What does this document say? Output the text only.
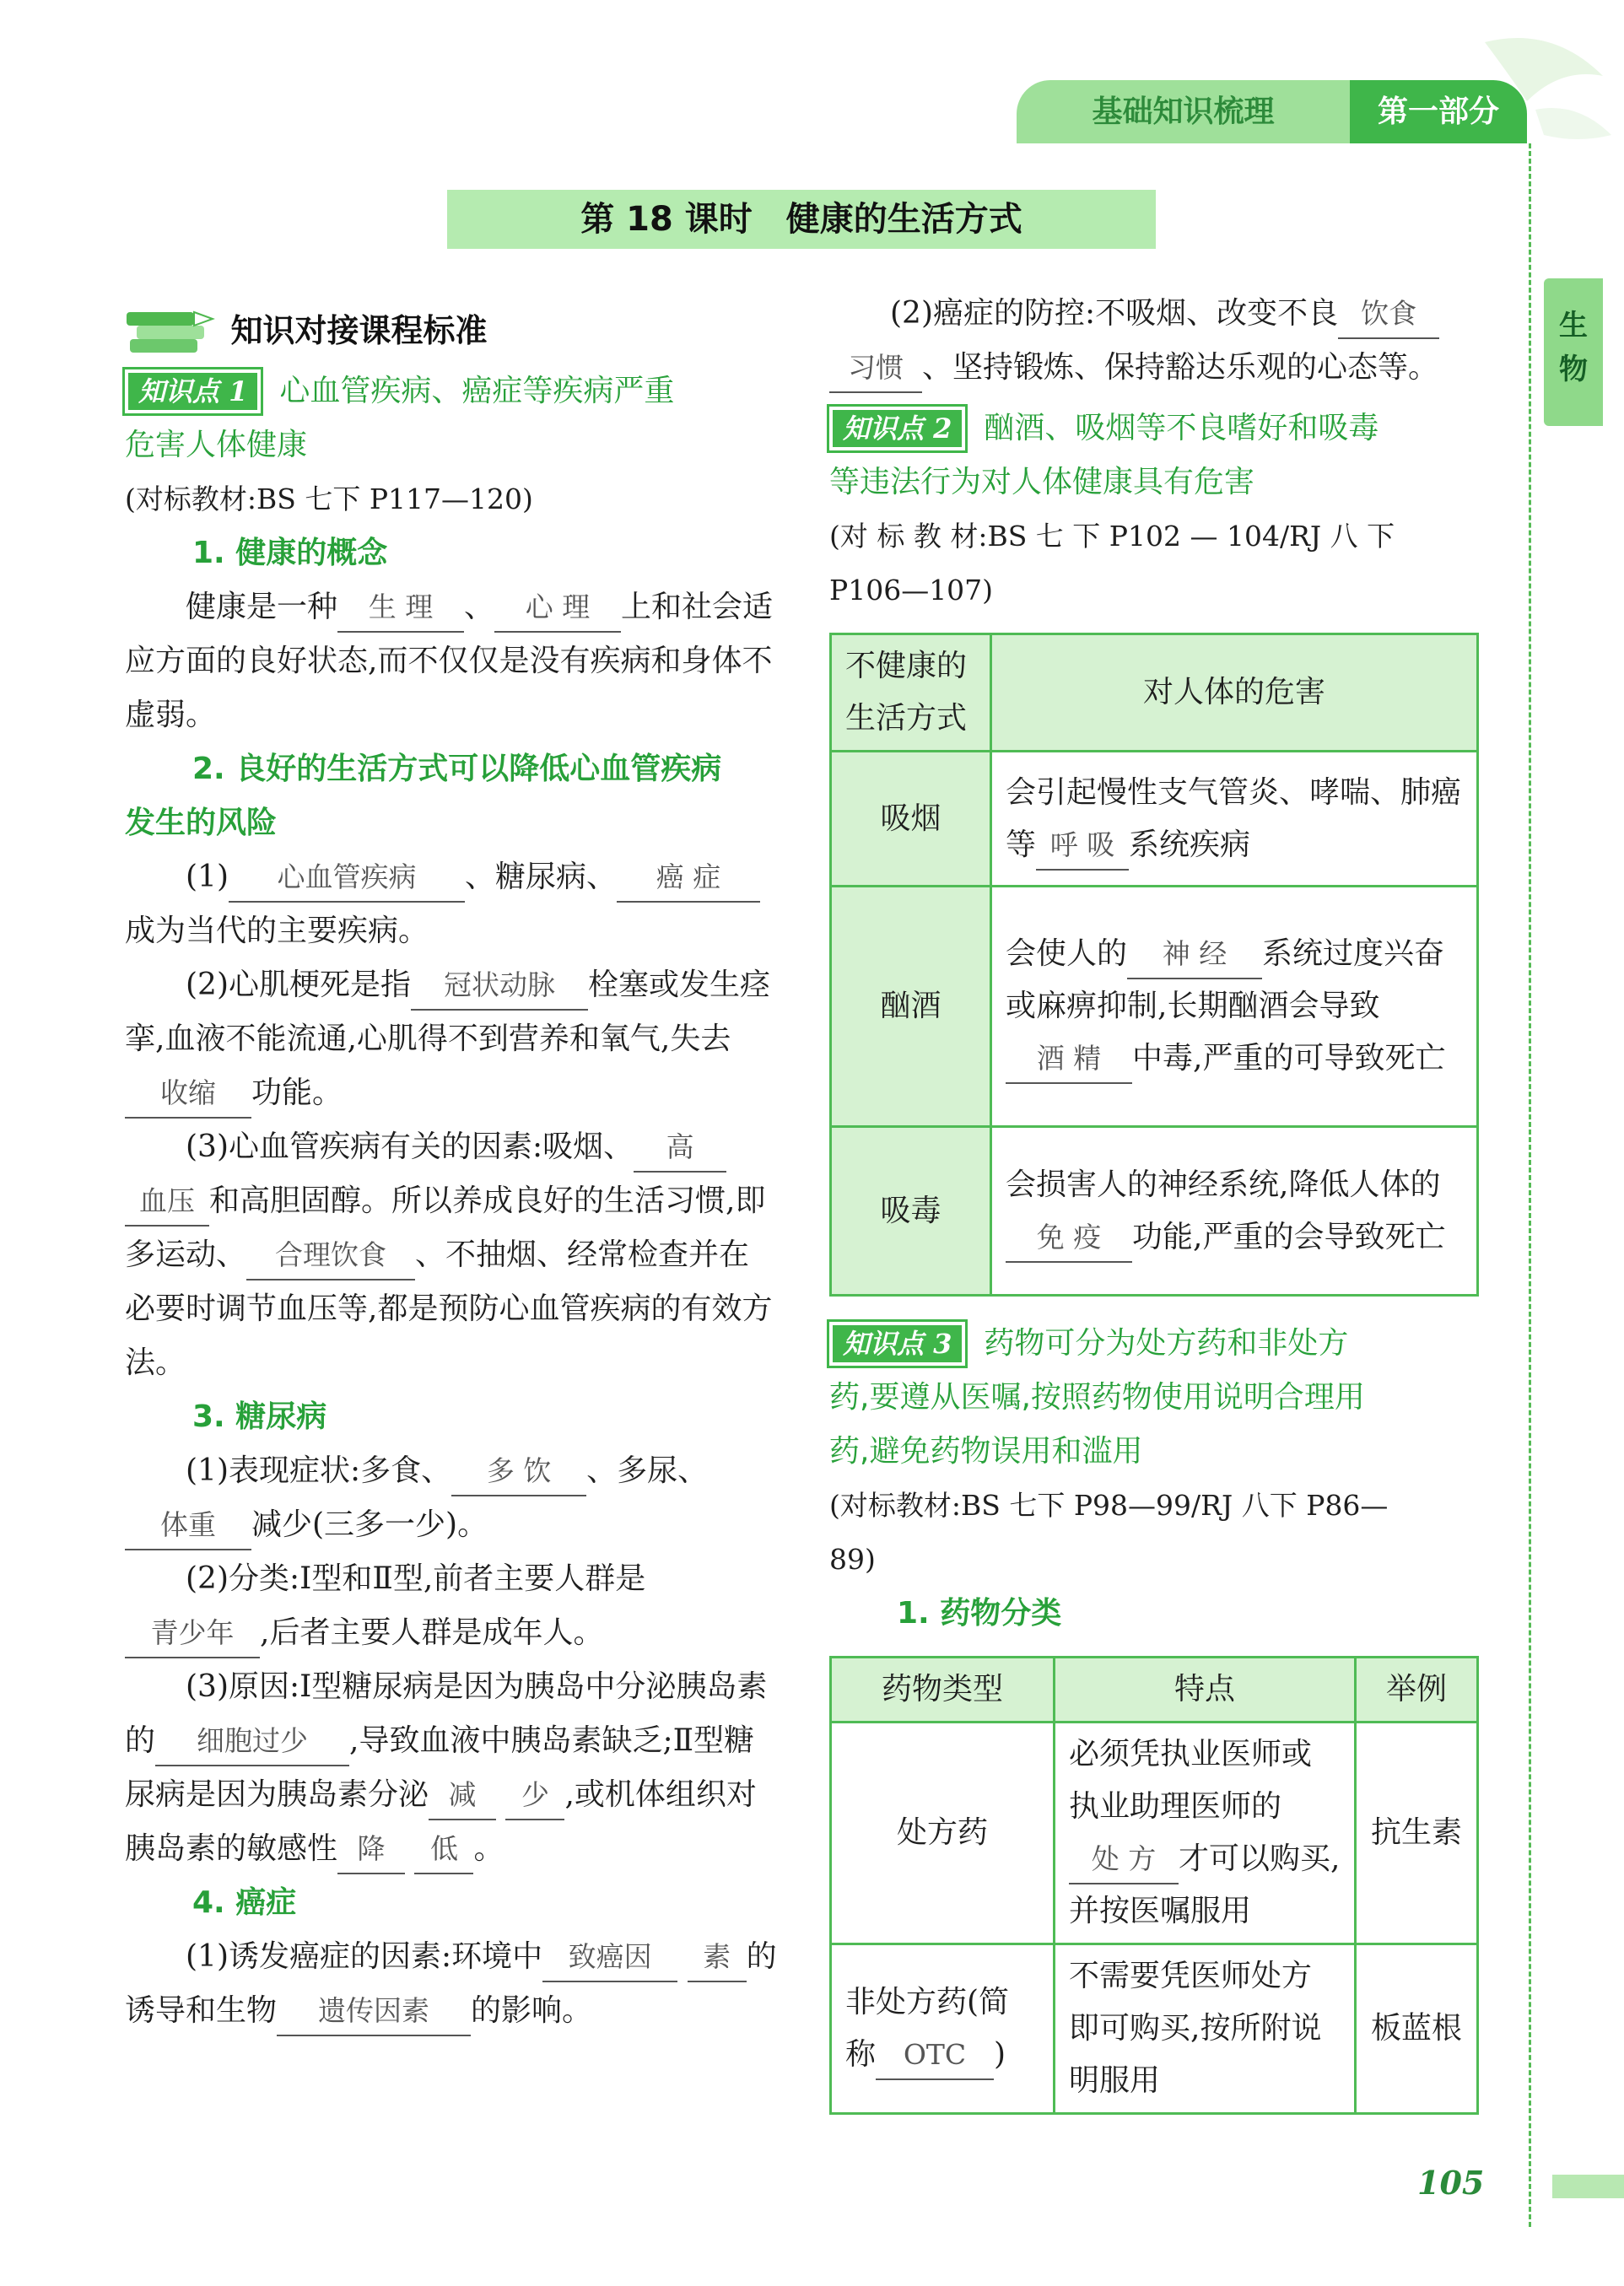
基础知识梳理	第一部分
生物
第 18 课时　健康的生活方式

知识对接课程标准

知识点 1 心血管疾病、癌症等疾病严重

危害人体健康

(对标教材:BS 七下 P117—120)

1. 健康的概念

健康是一种 生 理 、 心 理 上和社会适应方面的良好状态,而不仅仅是没有疾病和身体不虚弱。

2. 良好的生活方式可以降低心血管疾病

发生的风险

(1) 心血管疾病 、糖尿病、 癌 症成为当代的主要疾病。

(2)心肌梗死是指 冠状动脉 栓塞或发生痉挛,血液不能流通,心肌得不到营养和氧气,失去收缩 功能。

(3)心血管疾病有关的因素:吸烟、 高 血压 和高胆固醇。所以养成良好的生活习惯,即多运动、 合理饮食 、不抽烟、经常检查并在必要时调节血压等,都是预防心血管疾病的有效方法。

3. 糖尿病

(1)表现症状:多食、 多 饮 、多尿、 体重 减少(三多一少)。

(2)分类:Ⅰ型和Ⅱ型,前者主要人群是 青少年 ,后者主要人群是成年人。

(3)原因:Ⅰ型糖尿病是因为胰岛中分泌胰岛素的 细胞过少 ,导致血液中胰岛素缺乏;Ⅱ型糖尿病是因为胰岛素分泌 减 少 ,或机体组织对胰岛素的敏感性 降 低 。

4. 癌症

(1)诱发癌症的因素:环境中 致癌因 素 的诱导和生物 遗传因素 的影响。

(2)癌症的防控:不吸烟、改变不良 饮食 习惯 、坚持锻炼、保持豁达乐观的心态等。

知识点 2 酗酒、吸烟等不良嗜好和吸毒

等违法行为对人体健康具有危害

(对 标 教 材:BS 七 下 P102 — 104/RJ 八 下

P106—107)

不健康的生活方式	对人体的危害
吸烟	会引起慢性支气管炎、哮喘、肺癌等 呼 吸 系统疾病
酗酒	会使人的 神 经 系统过度兴奋或麻痹抑制,长期酗酒会导致酒 精 中毒,严重的可导致死亡
吸毒	会损害人的神经系统,降低人体的免 疫 功能,严重的会导致死亡

知识点 3 药物可分为处方药和非处方

药,要遵从医嘱,按照药物使用说明合理用

药,避免药物误用和滥用

(对标教材:BS 七下 P98—99/RJ 八下 P86—

89)

1. 药物分类

药物类型	特点	举例
处方药	必须凭执业医师或执业助理医师的处 方 才可以购买,并按医嘱服用	抗生素
非处方药(简称 OTC )	不需要凭医师处方即可购买,按所附说明服用	板蓝根
105
